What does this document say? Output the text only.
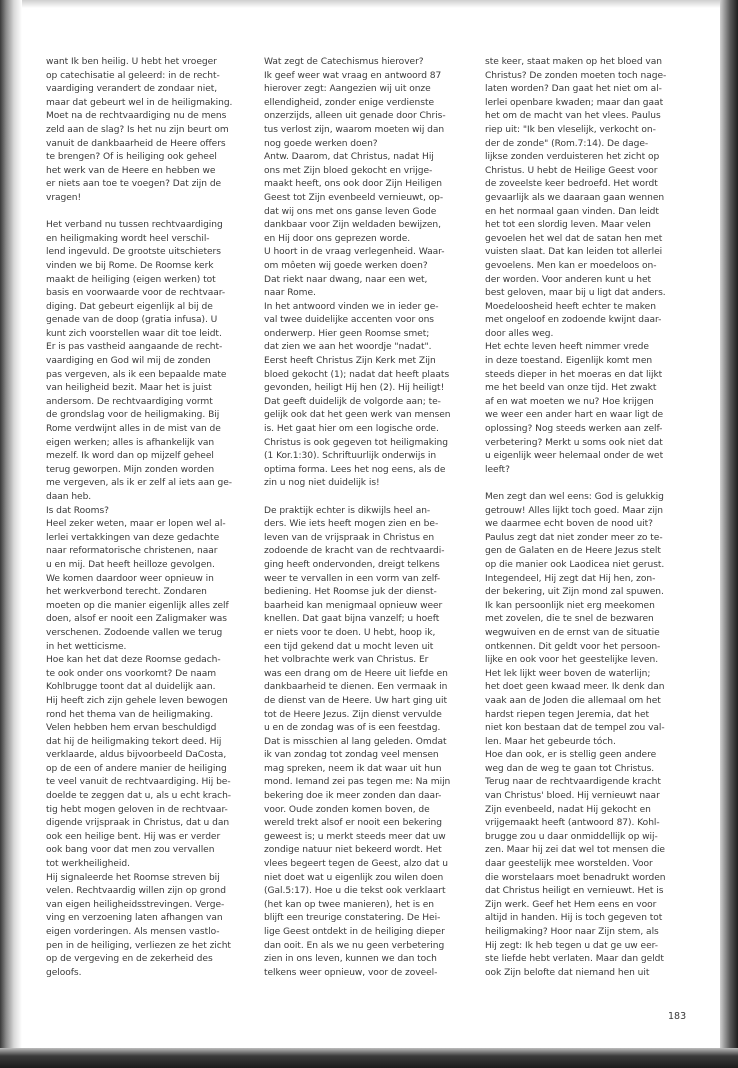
want Ik ben heilig. U hebt het vroeger
op catechisatie al geleerd: in de recht-
vaardiging verandert de zondaar niet,
maar dat gebeurt wel in de heiligmaking.
Moet na de rechtvaardiging nu de mens
zeld aan de slag? Is het nu zijn beurt om
vanuit de dankbaarheid de Heere offers
te brengen? Of is heiliging ook geheel
het werk van de Heere en hebben we
er niets aan toe te voegen? Dat zijn de
vragen!

Het verband nu tussen rechtvaardiging
en heiligmaking wordt heel verschil-
lend ingevuld. De grootste uitschieters
vinden we bij Rome. De Roomse kerk
maakt de heiliging (eigen werken) tot
basis en voorwaarde voor de rechtvaar-
diging. Dat gebeurt eigenlijk al bij de
genade van de doop (gratia infusa). U
kunt zich voorstellen waar dit toe leidt.
Er is pas vastheid aangaande de recht-
vaardiging en God wil mij de zonden
pas vergeven, als ik een bepaalde mate
van heiligheid bezit. Maar het is juist
andersom. De rechtvaardiging vormt
de grondslag voor de heiligmaking. Bij
Rome verdwijnt alles in de mist van de
eigen werken; alles is afhankelijk van
mezelf. Ik word dan op mijzelf geheel
terug geworpen. Mijn zonden worden
me vergeven, als ik er zelf al iets aan ge-
daan heb.

Is dat Rooms?

Heel zeker weten, maar er lopen wel al-
lerlei vertakkingen van deze gedachte
naar reformatorische christenen, naar
u en mij. Dat heeft heilloze gevolgen.
We komen daardoor weer opnieuw in
het werkverbond terecht. Zondaren
moeten op die manier eigenlijk alles zelf
doen, alsof er nooit een Zaligmaker was
verschenen. Zodoende vallen we terug
in het wetticisme.

Hoe kan het dat deze Roomse gedach-
te ook onder ons voorkomt? De naam
Kohlbrugge toont dat al duidelijk aan.
Hij heeft zich zijn gehele leven bewogen
rond het thema van de heiligmaking.
Velen hebben hem ervan beschuldigd
dat hij de heiligmaking tekort deed. Hij
verklaarde, aldus bijvoorbeeld DaCosta,
op de een of andere manier de heiliging
te veel vanuit de rechtvaardiging. Hij be-
doelde te zeggen dat u, als u echt krach-
tig hebt mogen geloven in de rechtvaar-
digende vrijspraak in Christus, dat u dan
ook een heilige bent. Hij was er verder
ook bang voor dat men zou vervallen
tot werkheiligheid.

Hij signaleerde het Roomse streven bij
velen. Rechtvaardig willen zijn op grond
van eigen heiligheidsstrevingen. Verge-
ving en verzoening laten afhangen van
eigen vorderingen. Als mensen vastlo-
pen in de heiliging, verliezen ze het zicht
op de vergeving en de zekerheid des
geloofs.

Wat zegt de Catechismus hierover?

Ik geef weer wat vraag en antwoord 87
hierover zegt: Aangezien wij uit onze
ellendigheid, zonder enige verdienste
onzerzijds, alleen uit genade door Chris-
tus verlost zijn, waarom moeten wij dan
nog goede werken doen?

Antw. Daarom, dat Christus, nadat Hij
ons met Zijn bloed gekocht en vrijge-
maakt heeft, ons ook door Zijn Heiligen
Geest tot Zijn evenbeeld vernieuwt, op-
dat wij ons met ons ganse leven Gode
dankbaar voor Zijn weldaden bewijzen,
en Hij door ons geprezen worde.

U hoort in de vraag verlegenheid. Waar-
om môeten wij goede werken doen?
Dat riekt naar dwang, naar een wet,
naar Rome.

In het antwoord vinden we in ieder ge-
val twee duidelijke accenten voor ons
onderwerp. Hier geen Roomse smet;
dat zien we aan het woordje "nadat".
Eerst heeft Christus Zijn Kerk met Zijn
bloed gekocht (1); nadat dat heeft plaats
gevonden, heiligt Hij hen (2). Hij heiligt!
Dat geeft duidelijk de volgorde aan; te-
gelijk ook dat het geen werk van mensen
is. Het gaat hier om een logische orde.
Christus is ook gegeven tot heiligmaking
(1 Kor.1:30). Schriftuurlijk onderwijs in
optima forma. Lees het nog eens, als de
zin u nog niet duidelijk is!

De praktijk echter is dikwijls heel an-
ders. Wie iets heeft mogen zien en be-
leven van de vrijspraak in Christus en
zodoende de kracht van de rechtvaardi-
ging heeft ondervonden, dreigt telkens
weer te vervallen in een vorm van zelf-
bediening. Het Roomse juk der dienst-
baarheid kan menigmaal opnieuw weer
knellen. Dat gaat bijna vanzelf; u hoeft
er niets voor te doen. U hebt, hoop ik,
een tijd gekend dat u mocht leven uit
het volbrachte werk van Christus. Er
was een drang om de Heere uit liefde en
dankbaarheid te dienen. Een vermaak in
de dienst van de Heere. Uw hart ging uit
tot de Heere Jezus. Zijn dienst vervulde
u en de zondag was of is een feestdag.

Dat is misschien al lang geleden. Omdat
ik van zondag tot zondag veel mensen
mag spreken, neem ik dat waar uit hun
mond. Iemand zei pas tegen me: Na mijn
bekering doe ik meer zonden dan daar-
voor. Oude zonden komen boven, de
wereld trekt alsof er nooit een bekering
geweest is; u merkt steeds meer dat uw
zondige natuur niet bekeerd wordt. Het
vlees begeert tegen de Geest, alzo dat u
niet doet wat u eigenlijk zou wilen doen
(Gal.5:17). Hoe u die tekst ook verklaart
(het kan op twee manieren), het is en
blijft een treurige constatering. De Hei-
lige Geest ontdekt in de heiliging dieper
dan ooit. En als we nu geen verbetering
zien in ons leven, kunnen we dan toch
telkens weer opnieuw, voor de zoveel-

ste keer, staat maken op het bloed van
Christus? De zonden moeten toch nage-
laten worden? Dan gaat het niet om al-
lerlei openbare kwaden; maar dan gaat
het om de macht van het vlees. Paulus
riep uit: "Ik ben vleselijk, verkocht on-
der de zonde" (Rom.7:14). De dage-
lijkse zonden verduisteren het zicht op
Christus. U hebt de Heilige Geest voor
de zoveelste keer bedroefd. Het wordt
gevaarlijk als we daaraan gaan wennen
en het normaal gaan vinden. Dan leidt
het tot een slordig leven. Maar velen
gevoelen het wel dat de satan hen met
vuisten slaat. Dat kan leiden tot allerlei
gevoelens. Men kan er moedeloos on-
der worden. Voor anderen kunt u het
best geloven, maar bij u ligt dat anders.
Moedeloosheid heeft echter te maken
met ongeloof en zodoende kwijnt daar-
door alles weg.

Het echte leven heeft nimmer vrede
in deze toestand. Eigenlijk komt men
steeds dieper in het moeras en dat lijkt
me het beeld van onze tijd. Het zwakt
af en wat moeten we nu? Hoe krijgen
we weer een ander hart en waar ligt de
oplossing? Nog steeds werken aan zelf-
verbetering? Merkt u soms ook niet dat
u eigenlijk weer helemaal onder de wet
leeft?

Men zegt dan wel eens: God is gelukkig
getrouw! Alles lijkt toch goed. Maar zijn
we daarmee echt boven de nood uit?
Paulus zegt dat niet zonder meer zo te-
gen de Galaten en de Heere Jezus stelt
op die manier ook Laodicea niet gerust.
Integendeel, Hij zegt dat Hij hen, zon-
der bekering, uit Zijn mond zal spuwen.
Ik kan persoonlijk niet erg meekomen
met zovelen, die te snel de bezwaren
wegwuiven en de ernst van de situatie
ontkennen. Dit geldt voor het persoon-
lijke en ook voor het geestelijke leven.
Het lek lijkt weer boven de waterlijn;
het doet geen kwaad meer. Ik denk dan
vaak aan de Joden die allemaal om het
hardst riepen tegen Jeremia, dat het
niet kon bestaan dat de tempel zou val-
len. Maar het gebeurde tóch.

Hoe dan ook, er is stellig geen andere
weg dan de weg te gaan tot Christus.
Terug naar de rechtvaardigende kracht
van Christus' bloed. Hij vernieuwt naar
Zijn evenbeeld, nadat Hij gekocht en
vrijgemaakt heeft (antwoord 87). Kohl-
brugge zou u daar onmiddellijk op wij-
zen. Maar hij zei dat wel tot mensen die
daar geestelijk mee worstelden. Voor
die worstelaars moet benadrukt worden
dat Christus heiligt en vernieuwt. Het is
Zijn werk. Geef het Hem eens en voor
altijd in handen. Hij is toch gegeven tot
heiligmaking? Hoor naar Zijn stem, als
Hij zegt: Ik heb tegen u dat ge uw eer-
ste liefde hebt verlaten. Maar dan geldt
ook Zijn belofte dat niemand hen uit

183
